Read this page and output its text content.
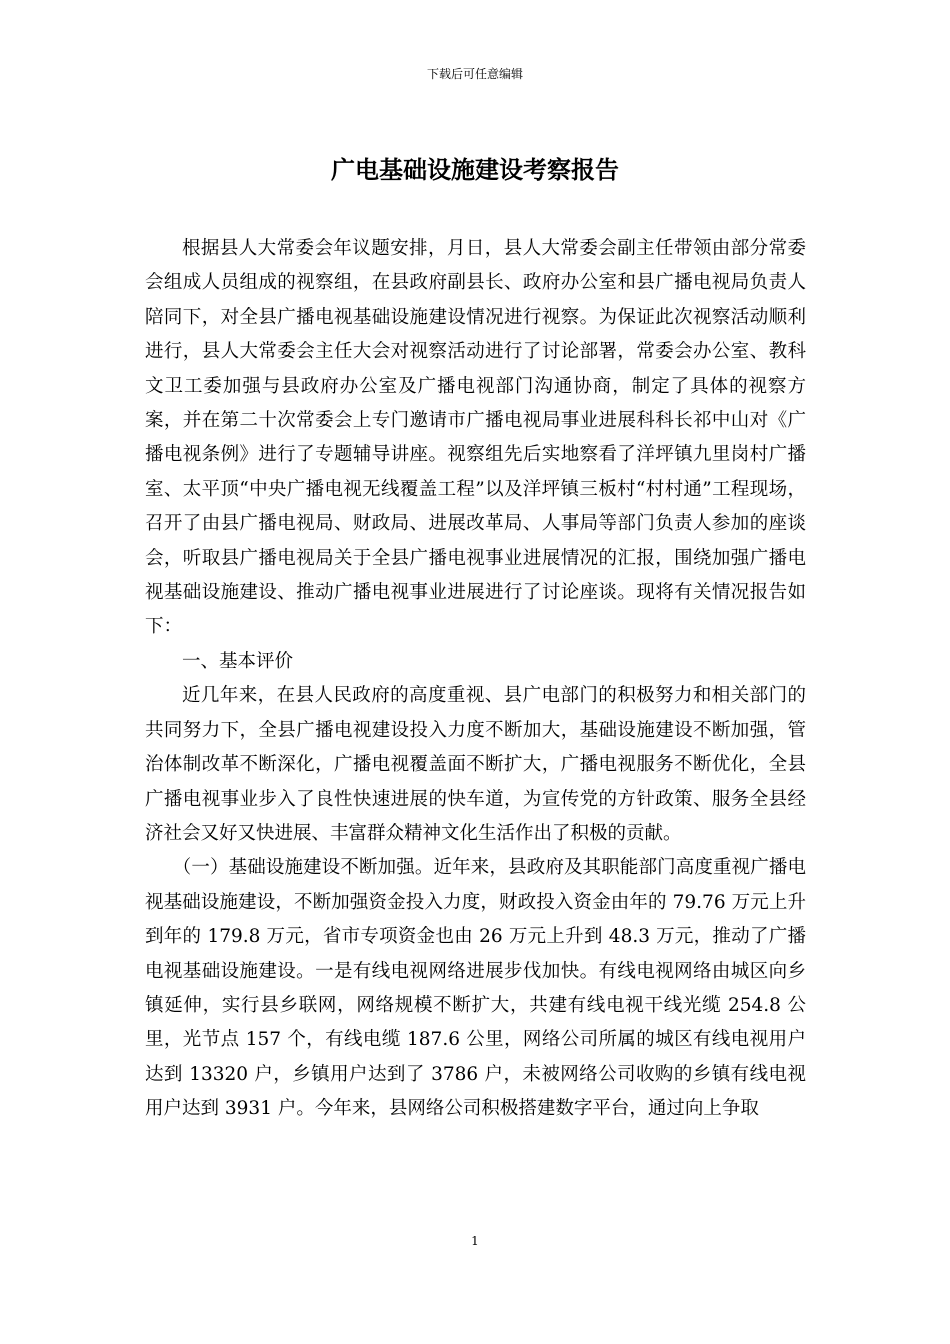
下载后可任意编辑
广电基础设施建设考察报告

根据县人大常委会年议题安排，月日，县人大常委会副主任带领由部分常委会组成人员组成的视察组，在县政府副县长、政府办公室和县广播电视局负责人陪同下，对全县广播电视基础设施建设情况进行视察。为保证此次视察活动顺利进行，县人大常委会主任大会对视察活动进行了讨论部署，常委会办公室、教科文卫工委加强与县政府办公室及广播电视部门沟通协商，制定了具体的视察方案，并在第二十次常委会上专门邀请市广播电视局事业进展科科长祁中山对《广播电视条例》进行了专题辅导讲座。视察组先后实地察看了洋坪镇九里岗村广播室、太平顶“中央广播电视无线覆盖工程”以及洋坪镇三板村“村村通”工程现场，召开了由县广播电视局、财政局、进展改革局、人事局等部门负责人参加的座谈会，听取县广播电视局关于全县广播电视事业进展情况的汇报，围绕加强广播电视基础设施建设、推动广播电视事业进展进行了讨论座谈。现将有关情况报告如下：

一、基本评价

近几年来，在县人民政府的高度重视、县广电部门的积极努力和相关部门的共同努力下，全县广播电视建设投入力度不断加大，基础设施建设不断加强，管治体制改革不断深化，广播电视覆盖面不断扩大，广播电视服务不断优化，全县广播电视事业步入了良性快速进展的快车道，为宣传党的方针政策、服务全县经济社会又好又快进展、丰富群众精神文化生活作出了积极的贡献。

（一）基础设施建设不断加强。近年来，县政府及其职能部门高度重视广播电视基础设施建设，不断加强资金投入力度，财政投入资金由年的 79.76 万元上升到年的 179.8 万元，省市专项资金也由 26 万元上升到 48.3 万元，推动了广播电视基础设施建设。一是有线电视网络进展步伐加快。有线电视网络由城区向乡镇延伸，实行县乡联网，网络规模不断扩大，共建有线电视干线光缆 254.8 公里，光节点 157 个，有线电缆 187.6 公里，网络公司所属的城区有线电视用户达到 13320 户，乡镇用户达到了 3786 户，未被网络公司收购的乡镇有线电视用户达到 3931 户。今年来，县网络公司积极搭建数字平台，通过向上争取

1
